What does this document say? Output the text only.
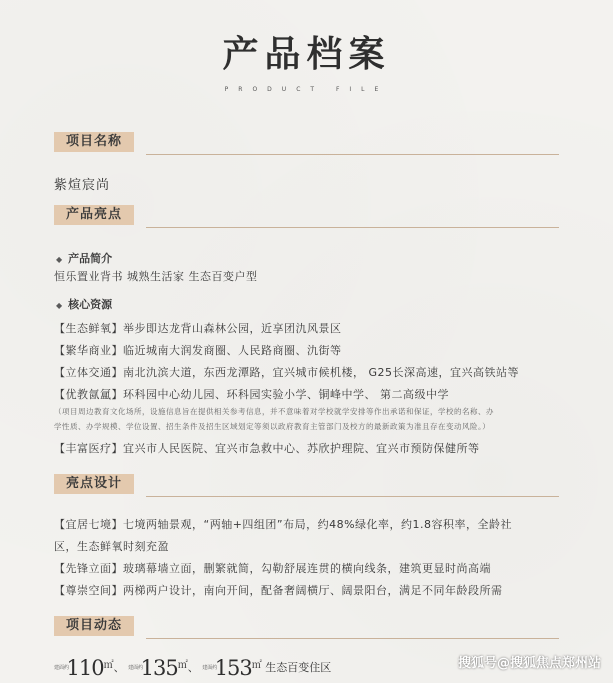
产品档案
PRODUCT FILE
项目名称
紫煊宸尚
产品亮点
◆ 产品简介
恒乐置业背书 城熟生活家 生态百变户型
◆ 核心资源
【生态鲜氧】举步即达龙背山森林公园，近享团氿风景区
【繁华商业】临近城南大润发商圈、人民路商圈、氿街等
【立体交通】南北氿滨大道，东西龙潭路，宜兴城市候机楼， G25长深高速，宜兴高铁站等
【优教氤氲】环科园中心幼儿园、环科园实验小学、铜峰中学、 第二高级中学
（项目周边教育文化场所，设施信息旨在提供相关参考信息，并不意味着对学校就学安排等作出承诺和保证，学校的名称、办
学性质、办学规模、学位设置、招生条件及招生区域划定等须以政府教育主管部门及校方的最新政策为准且存在变动风险。）
【丰富医疗】宜兴市人民医院、宜兴市急救中心、苏欣护理院、宜兴市预防保健所等
亮点设计
【宜居七境】七境两轴景观，“两轴+四组团”布局，约48%绿化率，约1.8容积率，全龄社
区，生态鲜氧时刻充盈
【先锋立面】玻璃幕墙立面，删繁就简，勾勒舒展连贯的横向线条，建筑更显时尚高端
【尊崇空间】两梯两户设计，南向开间，配备奢阔横厅、阔景阳台，满足不同年龄段所需
项目动态
建面约 110㎡、 建面约 135㎡、 建面约 153㎡ 生态百变住区	搜狐号@搜狐焦点郑州站
